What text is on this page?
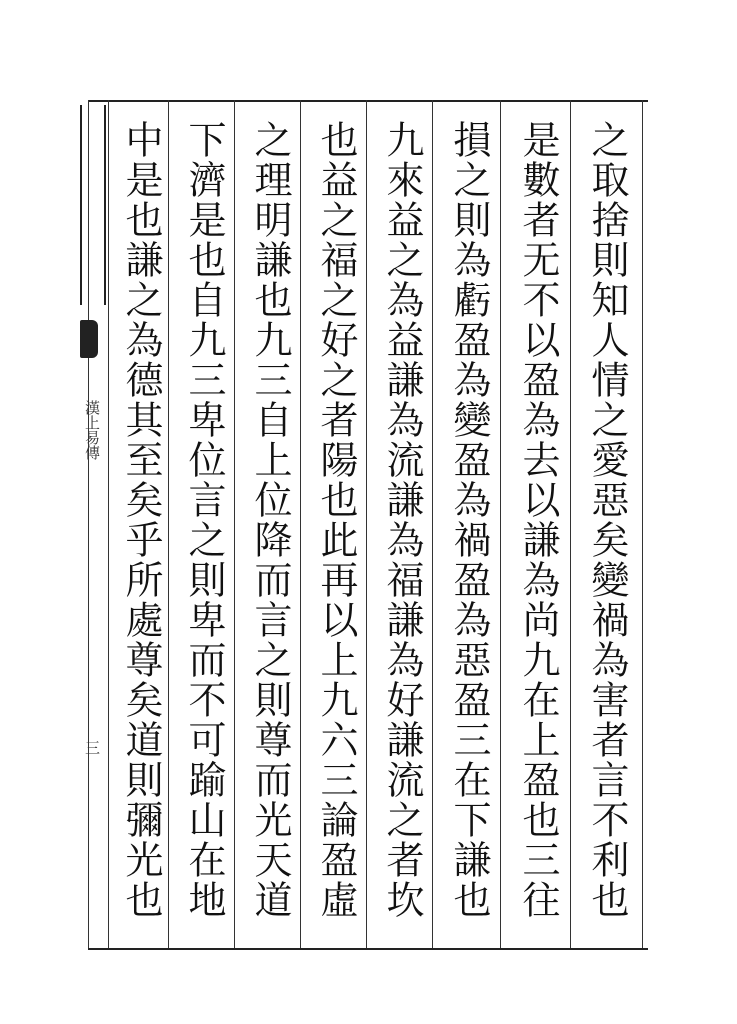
漢上易傳
三	之取捨則知人情之愛惡矣變禍為害者言不利也
是數者无不以盈為去以謙為尚九在上盈也三往
損之則為虧盈為變盈為禍盈為惡盈三在下謙也
九來益之為益謙為流謙為福謙為好謙流之者坎
也益之福之好之者陽也此再以上九六三論盈虛
之理明謙也九三自上位降而言之則尊而光天道
下濟是也自九三卑位言之則卑而不可踰山在地
中是也謙之為德其至矣乎所處尊矣道則彌光也
